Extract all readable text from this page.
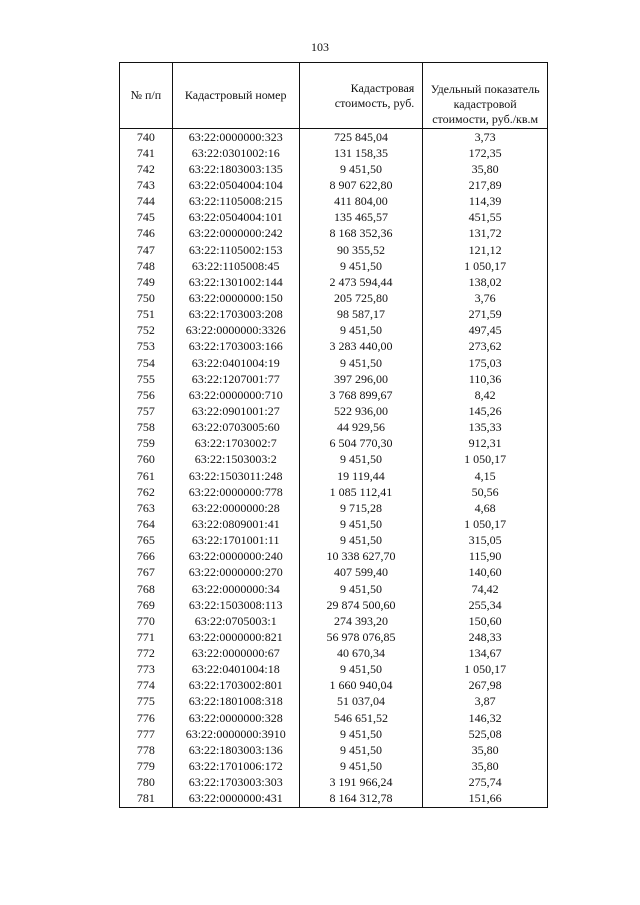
103
№ п/п	Кадастровый номер	Кадастровая стоимость, руб.	Удельный показатель кадастровой стоимости, руб./кв.м
740	63:22:0000000:323	725 845,04	3,73
741	63:22:0301002:16	131 158,35	172,35
742	63:22:1803003:135	9 451,50	35,80
743	63:22:0504004:104	8 907 622,80	217,89
744	63:22:1105008:215	411 804,00	114,39
745	63:22:0504004:101	135 465,57	451,55
746	63:22:0000000:242	8 168 352,36	131,72
747	63:22:1105002:153	90 355,52	121,12
748	63:22:1105008:45	9 451,50	1 050,17
749	63:22:1301002:144	2 473 594,44	138,02
750	63:22:0000000:150	205 725,80	3,76
751	63:22:1703003:208	98 587,17	271,59
752	63:22:0000000:3326	9 451,50	497,45
753	63:22:1703003:166	3 283 440,00	273,62
754	63:22:0401004:19	9 451,50	175,03
755	63:22:1207001:77	397 296,00	110,36
756	63:22:0000000:710	3 768 899,67	8,42
757	63:22:0901001:27	522 936,00	145,26
758	63:22:0703005:60	44 929,56	135,33
759	63:22:1703002:7	6 504 770,30	912,31
760	63:22:1503003:2	9 451,50	1 050,17
761	63:22:1503011:248	19 119,44	4,15
762	63:22:0000000:778	1 085 112,41	50,56
763	63:22:0000000:28	9 715,28	4,68
764	63:22:0809001:41	9 451,50	1 050,17
765	63:22:1701001:11	9 451,50	315,05
766	63:22:0000000:240	10 338 627,70	115,90
767	63:22:0000000:270	407 599,40	140,60
768	63:22:0000000:34	9 451,50	74,42
769	63:22:1503008:113	29 874 500,60	255,34
770	63:22:0705003:1	274 393,20	150,60
771	63:22:0000000:821	56 978 076,85	248,33
772	63:22:0000000:67	40 670,34	134,67
773	63:22:0401004:18	9 451,50	1 050,17
774	63:22:1703002:801	1 660 940,04	267,98
775	63:22:1801008:318	51 037,04	3,87
776	63:22:0000000:328	546 651,52	146,32
777	63:22:0000000:3910	9 451,50	525,08
778	63:22:1803003:136	9 451,50	35,80
779	63:22:1701006:172	9 451,50	35,80
780	63:22:1703003:303	3 191 966,24	275,74
781	63:22:0000000:431	8 164 312,78	151,66
